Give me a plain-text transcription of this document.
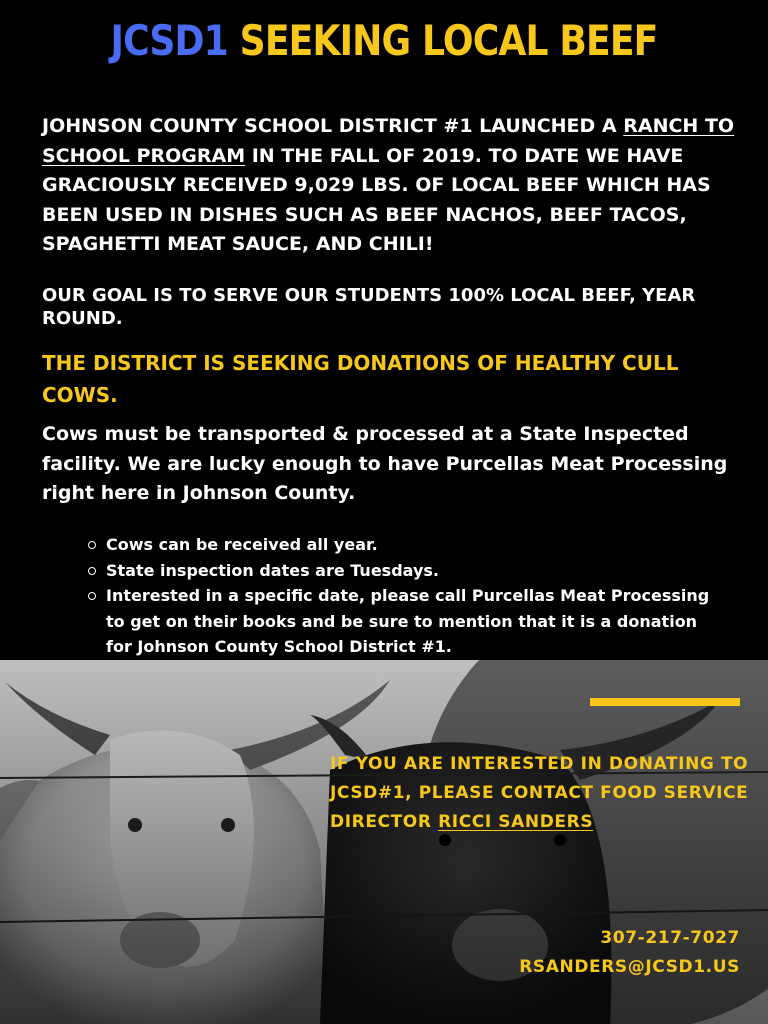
JCSD1 SEEKING LOCAL BEEF

JOHNSON COUNTY SCHOOL DISTRICT #1 LAUNCHED A RANCH TO SCHOOL PROGRAM IN THE FALL OF 2019. TO DATE WE HAVE GRACIOUSLY RECEIVED 9,029 LBS. OF LOCAL BEEF WHICH HAS BEEN USED IN DISHES SUCH AS BEEF NACHOS, BEEF TACOS, SPAGHETTI MEAT SAUCE, AND CHILI!

OUR GOAL IS TO SERVE OUR STUDENTS 100% LOCAL BEEF, YEAR ROUND.

THE DISTRICT IS SEEKING DONATIONS OF HEALTHY CULL COWS.

Cows must be transported & processed at a State Inspected facility. We are lucky enough to have Purcellas Meat Processing right here in Johnson County.

Cows can be received all year.
State inspection dates are Tuesdays.
Interested in a specific date, please call Purcellas Meat Processing to get on their books and be sure to mention that it is a donation for Johnson County School District #1.

IF YOU ARE INTERESTED IN DONATING TO JCSD#1, PLEASE CONTACT FOOD SERVICE DIRECTOR RICCI SANDERS

307-217-7027
RSANDERS@JCSD1.US
